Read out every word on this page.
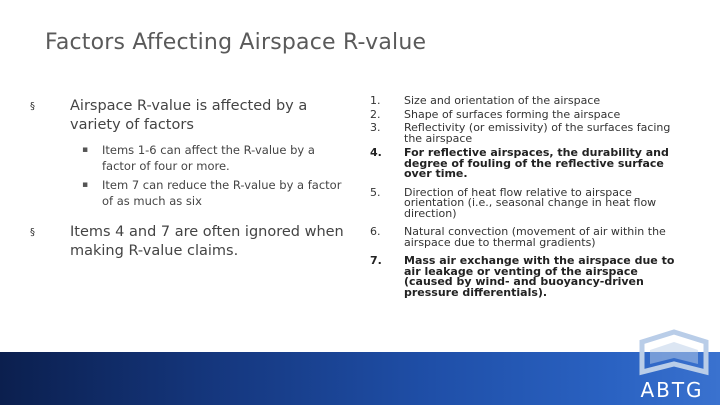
Factors Affecting Airspace R-value
§ Airspace R-value is affected by a variety of factors
▪ Items 1-6 can affect the R-value by a factor of four or more.
▪ Item 7 can reduce the R-value by a factor of as much as six
§ Items 4 and 7 are often ignored when making R-value claims.
1.	Size and orientation of the airspace
2.	Shape of surfaces forming the airspace
3.	Reflectivity (or emissivity) of the surfaces facing the airspace
4.	For reflective airspaces, the durability and degree of fouling of the reflective surface over time.
5.	Direction of heat flow relative to airspace orientation (i.e., seasonal change in heat flow direction)
6.	Natural convection (movement of air within the airspace due to thermal gradients)
7.	Mass air exchange with the airspace due to air leakage or venting of the airspace (caused by wind- and buoyancy-driven pressure differentials).
ABTG
